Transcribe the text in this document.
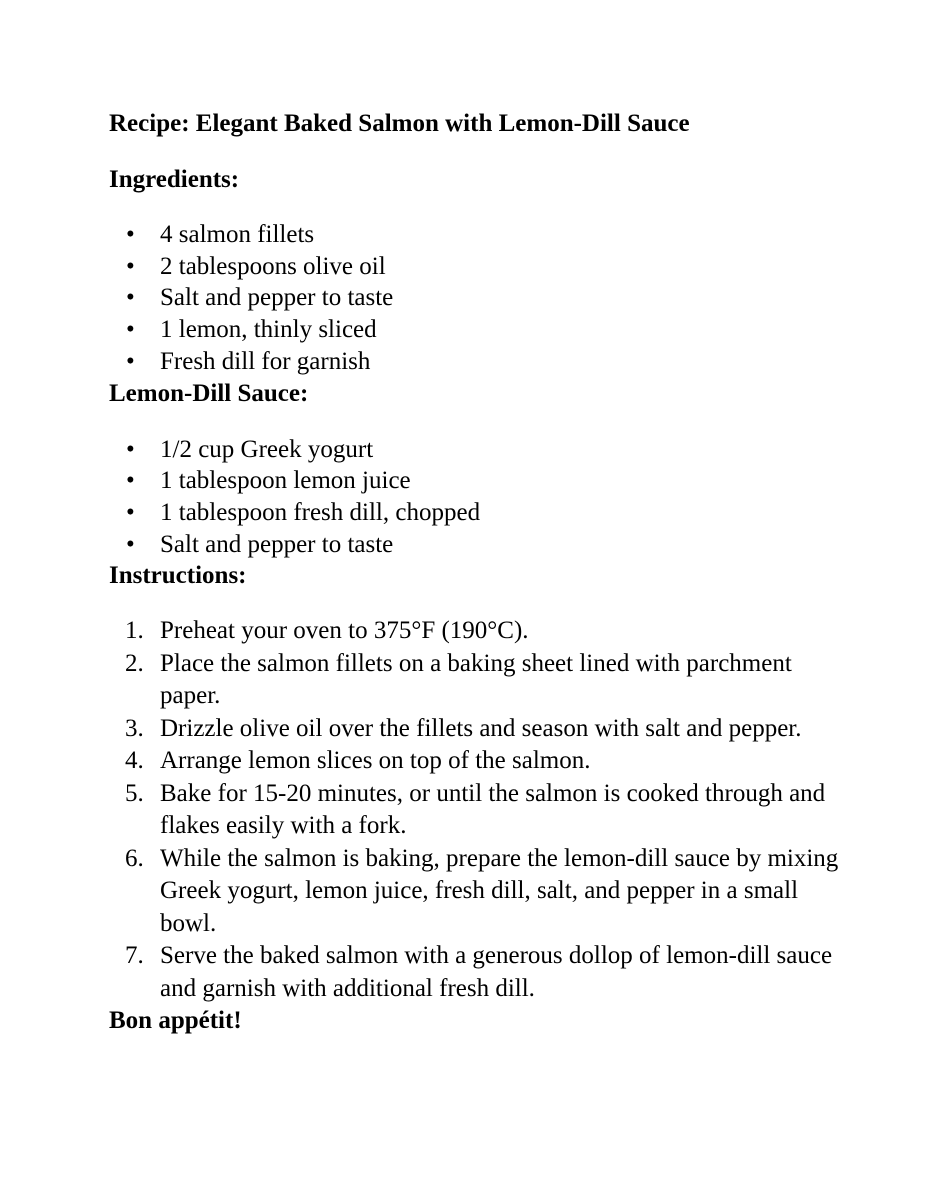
Recipe: Elegant Baked Salmon with Lemon-Dill Sauce
Ingredients:
• 4 salmon fillets
• 2 tablespoons olive oil
• Salt and pepper to taste
• 1 lemon, thinly sliced
• Fresh dill for garnish
Lemon-Dill Sauce:
• 1/2 cup Greek yogurt
• 1 tablespoon lemon juice
• 1 tablespoon fresh dill, chopped
• Salt and pepper to taste
Instructions:
1. Preheat your oven to 375°F (190°C).
2. Place the salmon fillets on a baking sheet lined with parchment paper.
3. Drizzle olive oil over the fillets and season with salt and pepper.
4. Arrange lemon slices on top of the salmon.
5. Bake for 15-20 minutes, or until the salmon is cooked through and flakes easily with a fork.
6. While the salmon is baking, prepare the lemon-dill sauce by mixing Greek yogurt, lemon juice, fresh dill, salt, and pepper in a small bowl.
7. Serve the baked salmon with a generous dollop of lemon-dill sauce and garnish with additional fresh dill.

Bon appétit!
